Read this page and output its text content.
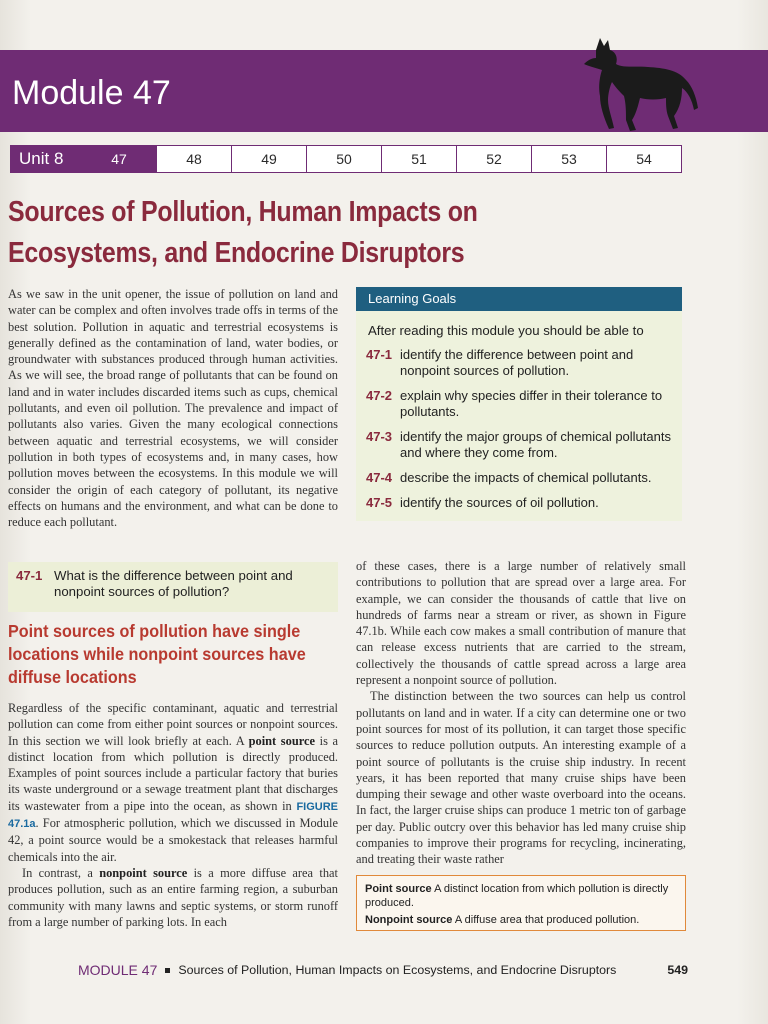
Module 47
Unit 8	47	48	49	50	51	52	53	54
Sources of Pollution, Human Impacts on
Ecosystems, and Endocrine Disruptors
As we saw in the unit opener, the issue of pollution on land and water can be complex and often involves trade offs in terms of the best solution. Pollution in aquatic and terrestrial ecosystems is generally defined as the contamination of land, water bodies, or groundwater with substances produced through human activities. As we will see, the broad range of pollutants that can be found on land and in water includes discarded items such as cups, chemical pollutants, and even oil pollution. The prevalence and impact of pollutants also varies. Given the many ecological connections between aquatic and terrestrial ecosystems, we will consider pollution in both types of ecosystems and, in many cases, how pollution moves between the ecosystems. In this module we will consider the origin of each category of pollutant, its negative effects on humans and the environment, and what can be done to reduce each pollutant.
Learning Goals
After reading this module you should be able to
47-1 identify the difference between point and nonpoint sources of pollution.
47-2 explain why species differ in their tolerance to pollutants.
47-3 identify the major groups of chemical pollutants and where they come from.
47-4 describe the impacts of chemical pollutants.
47-5 identify the sources of oil pollution.
47-1 What is the difference between point and nonpoint sources of pollution?
Point sources of pollution have single locations while nonpoint sources have diffuse locations

Regardless of the specific contaminant, aquatic and terrestrial pollution can come from either point sources or nonpoint sources. In this section we will look briefly at each. A point source is a distinct location from which pollution is directly produced. Examples of point sources include a particular factory that buries its waste underground or a sewage treatment plant that discharges its wastewater from a pipe into the ocean, as shown in FIGURE 47.1a. For atmospheric pollution, which we discussed in Module 42, a point source would be a smokestack that releases harmful chemicals into the air.

In contrast, a nonpoint source is a more diffuse area that produces pollution, such as an entire farming region, a suburban community with many lawns and septic systems, or storm runoff from a large number of parking lots. In each

of these cases, there is a large number of relatively small contributions to pollution that are spread over a large area. For example, we can consider the thousands of cattle that live on hundreds of farms near a stream or river, as shown in Figure 47.1b. While each cow makes a small contribution of manure that can release excess nutrients that are carried to the stream, collectively the thousands of cattle spread across a large area represent a nonpoint source of pollution.

The distinction between the two sources can help us control pollutants on land and in water. If a city can determine one or two point sources for most of its pollution, it can target those specific sources to reduce pollution outputs. An interesting example of a point source of pollutants is the cruise ship industry. In recent years, it has been reported that many cruise ships have been dumping their sewage and other waste overboard into the oceans. In fact, the larger cruise ships can produce 1 metric ton of garbage per day. Public outcry over this behavior has led many cruise ship companies to improve their programs for recycling, incinerating, and treating their waste rather

Point source A distinct location from which pollution is directly produced.
Nonpoint source A diffuse area that produced pollution.
MODULE 47 Sources of Pollution, Human Impacts on Ecosystems, and Endocrine Disruptors	549
